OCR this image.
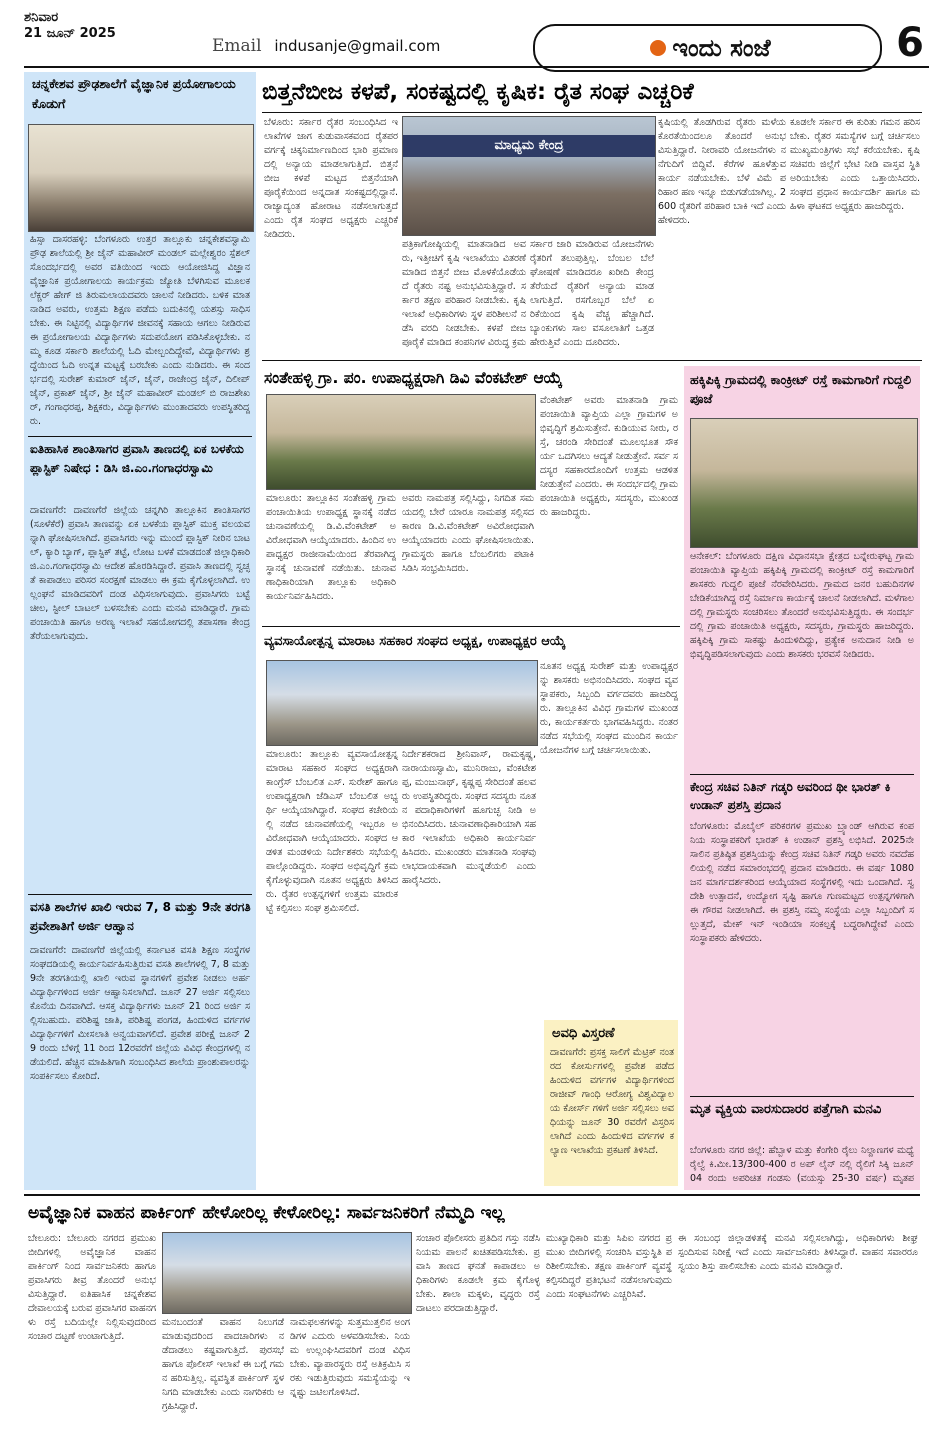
ಶನಿವಾರ
21 ಜೂನ್ 2025
Email indusanje@gmail.com	ಇಂದು ಸಂಜೆ	6
ಚನ್ನಕೇಶವ ಪ್ರೌಢಶಾಲೆಗೆ ವೈಜ್ಞಾನಿಕ ಪ್ರಯೋಗಾಲಯ ಕೊಡುಗೆ
ಹಿಸ್ಸಾ ದಾಸರಹಳ್ಳಿ: ಬೆಂಗಳೂರು ಉತ್ತರ ತಾಲ್ಲೂಕು ಚನ್ನಕೇಶವಸ್ವಾಮಿ ಪ್ರೌಢ ಶಾಲೆಯಲ್ಲಿ ಶ್ರೀ ಜೈನ್ ಮಹಾವೀರ್ ಮಂಡಲ್ ಮಲ್ಲೇಶ್ವರಂ ಸ್ಪೆಶಲ್ ಸೊಂದರ್ಭದಲ್ಲಿ ಅವರ ವತಿಯಿಂದ ಇಂದು ಆಯೋಜಿಸಿದ್ದ ವಿಜ್ಞಾನ ವೈಜ್ಞಾನಿಕ ಪ್ರಯೋಗಾಲಯ ಕಾರ್ಯಕ್ರಮ ಜ್ಯೋತಿ ಬೆಳಗಿಸುವ ಮೂಲಕ ಲೆಕ್ಚರ್ ಹೇಗ್ ಜಿ ತಿರುಮಲಾಯದವರು ಚಾಲನೆ ನೀಡಿದರು. ಬಳಿಕ ಮಾತನಾಡಿದ ಅವರು, ಉತ್ತಮ ಶಿಕ್ಷಣ ಪಡೆದು ಬದುಕಿನಲ್ಲಿ ಯಶಸ್ಸು ಸಾಧಿಸಬೇಕು. ಈ ನಿಟ್ಟಿನಲ್ಲಿ ವಿದ್ಯಾರ್ಥಿಗಳ ಜೀವನಕ್ಕೆ ಸಹಾಯ ಆಗಲು ನೀಡಿರುವ ಈ ಪ್ರಯೋಗಾಲಯ ವಿದ್ಯಾರ್ಥಿಗಳು ಸದುಪಯೋಗ ಪಡಿಸಿಕೊಳ್ಳಬೇಕು. ನಮ್ಮ ಕೂಡ ಸರ್ಕಾರಿ ಶಾಲೆಯಲ್ಲಿ ಓದಿ ಮೇಲ್ಬಂದಿದ್ದೇವೆ, ವಿದ್ಯಾರ್ಥಿಗಳು ಶ್ರದ್ಧೆಯಿಂದ ಓದಿ ಉನ್ನತ ಮಟ್ಟಕ್ಕೆ ಬರಬೇಕು ಎಂದು ನುಡಿದರು. ಈ ಸಂದರ್ಭದಲ್ಲಿ ಸುರೇಶ್ ಕುಮಾರ್ ಜೈನ್, ಜೈನ್, ರಾಜೇಂದ್ರ ಜೈನ್, ದಿಲೀಪ್ ಜೈನ್, ಪ್ರಕಾಶ್ ಜೈನ್, ಶ್ರೀ ಜೈನ್ ಮಹಾವೀರ್ ಮಂಡಲ್ ಬಿ ರಾಜಶೇಖರ್, ಗಂಗಾಧರಪ್ಪ, ಶಿಕ್ಷಕರು, ವಿದ್ಯಾರ್ಥಿಗಳು ಮುಂತಾದವರು ಉಪಸ್ಥಿತರಿದ್ದರು.
ಐತಿಹಾಸಿಕ ಶಾಂತಿಸಾಗರ ಪ್ರವಾಸಿ ತಾಣದಲ್ಲಿ ಏಕ ಬಳಕೆಯ ಪ್ಲಾಸ್ಟಿಕ್ ನಿಷೇಧ : ಡಿಸಿ ಜಿ.ಎಂ.ಗಂಗಾಧರಸ್ವಾಮಿ
ದಾವಣಗೆರೆ: ದಾವಣಗೆರೆ ಜಿಲ್ಲೆಯ ಚನ್ನಗಿರಿ ತಾಲ್ಲೂಕಿನ ಶಾಂತಿಸಾಗರ (ಸೂಳೆಕೆರೆ) ಪ್ರವಾಸಿ ತಾಣವನ್ನು ಏಕ ಬಳಕೆಯ ಪ್ಲಾಸ್ಟಿಕ್ ಮುಕ್ತ ವಲಯವನ್ನಾಗಿ ಘೋಷಿಸಲಾಗಿದೆ. ಪ್ರವಾಸಿಗರು ಇನ್ನು ಮುಂದೆ ಪ್ಲಾಸ್ಟಿಕ್ ನೀರಿನ ಬಾಟಲ್, ಕ್ಯಾರಿ ಬ್ಯಾಗ್, ಪ್ಲಾಸ್ಟಿಕ್ ತಟ್ಟೆ, ಲೋಟ ಬಳಕೆ ಮಾಡದಂತೆ ಜಿಲ್ಲಾಧಿಕಾರಿ ಜಿ.ಎಂ.ಗಂಗಾಧರಸ್ವಾಮಿ ಆದೇಶ ಹೊರಡಿಸಿದ್ದಾರೆ. ಪ್ರವಾಸಿ ತಾಣದಲ್ಲಿ ಸ್ವಚ್ಛತೆ ಕಾಪಾಡಲು ಪರಿಸರ ಸಂರಕ್ಷಣೆ ಮಾಡಲು ಈ ಕ್ರಮ ಕೈಗೊಳ್ಳಲಾಗಿದೆ. ಉಲ್ಲಂಘನೆ ಮಾಡಿದವರಿಗೆ ದಂಡ ವಿಧಿಸಲಾಗುವುದು. ಪ್ರವಾಸಿಗರು ಬಟ್ಟೆ ಚೀಲ, ಸ್ಟೀಲ್ ಬಾಟಲ್ ಬಳಸಬೇಕು ಎಂದು ಮನವಿ ಮಾಡಿದ್ದಾರೆ. ಗ್ರಾಮ ಪಂಚಾಯಿತಿ ಹಾಗೂ ಅರಣ್ಯ ಇಲಾಖೆ ಸಹಯೋಗದಲ್ಲಿ ತಪಾಸಣಾ ಕೇಂದ್ರ ತೆರೆಯಲಾಗುವುದು.
ವಸತಿ ಶಾಲೆಗಳ ಖಾಲಿ ಇರುವ 7, 8 ಮತ್ತು 9ನೇ ತರಗತಿ ಪ್ರವೇಶಾತಿಗೆ ಅರ್ಜಿ ಆಹ್ವಾನ
ದಾವಣಗೆರೆ: ದಾವಣಗೆರೆ ಜಿಲ್ಲೆಯಲ್ಲಿ ಕರ್ನಾಟಕ ವಸತಿ ಶಿಕ್ಷಣ ಸಂಸ್ಥೆಗಳ ಸಂಘದಡಿಯಲ್ಲಿ ಕಾರ್ಯನಿರ್ವಹಿಸುತ್ತಿರುವ ವಸತಿ ಶಾಲೆಗಳಲ್ಲಿ 7, 8 ಮತ್ತು 9ನೇ ತರಗತಿಯಲ್ಲಿ ಖಾಲಿ ಇರುವ ಸ್ಥಾನಗಳಿಗೆ ಪ್ರವೇಶ ನೀಡಲು ಅರ್ಹ ವಿದ್ಯಾರ್ಥಿಗಳಿಂದ ಅರ್ಜಿ ಆಹ್ವಾನಿಸಲಾಗಿದೆ. ಜೂನ್ 27 ಅರ್ಜಿ ಸಲ್ಲಿಸಲು ಕೊನೆಯ ದಿನವಾಗಿದೆ. ಆಸಕ್ತ ವಿದ್ಯಾರ್ಥಿಗಳು ಜೂನ್ 21 ರಿಂದ ಅರ್ಜಿ ಸಲ್ಲಿಸಬಹುದು. ಪರಿಶಿಷ್ಟ ಜಾತಿ, ಪರಿಶಿಷ್ಟ ಪಂಗಡ, ಹಿಂದುಳಿದ ವರ್ಗಗಳ ವಿದ್ಯಾರ್ಥಿಗಳಿಗೆ ಮೀಸಲಾತಿ ಅನ್ವಯವಾಗಲಿದೆ. ಪ್ರವೇಶ ಪರೀಕ್ಷೆ ಜೂನ್ 29 ರಂದು ಬೆಳಿಗ್ಗೆ 11 ರಿಂದ 12ರವರೆಗೆ ಜಿಲ್ಲೆಯ ವಿವಿಧ ಕೇಂದ್ರಗಳಲ್ಲಿ ನಡೆಯಲಿದೆ. ಹೆಚ್ಚಿನ ಮಾಹಿತಿಗಾಗಿ ಸಂಬಂಧಿಸಿದ ಶಾಲೆಯ ಪ್ರಾಂಶುಪಾಲರನ್ನು ಸಂಪರ್ಕಿಸಲು ಕೋರಿದೆ.
ಬಿತ್ತನೆಬೀಜ ಕಳಪೆ, ಸಂಕಷ್ಟದಲ್ಲಿ ಕೃಷಿಕ: ರೈತ ಸಂಘ ಎಚ್ಚರಿಕೆ
ಬೆಳೂರು: ಸರ್ಕಾರ ರೈತರ ಸಂಬಂಧಿಸಿದ ಇಲಾಖೆಗಳ ಜಾಗ ಕುಡುವಾಸಕವಂದ ರೈತಪರ ವರ್ಗಕ್ಕೆ ಚಿಕ್ಕನಿರ್ಮಾಣದಿಂದ ಭಾರಿ ಪ್ರಮಾಣದಲ್ಲಿ ಅನ್ಯಾಯ ಮಾಡಲಾಗುತ್ತಿದೆ. ಬಿತ್ತನೆ ಬೀಜ ಕಳಪೆ ಮಟ್ಟದ ಬಿತ್ತನೆಯಾಗಿ ಪೂರೈಕೆಯಿಂದ ಅನ್ನದಾತ ಸಂಕಷ್ಟದಲ್ಲಿದ್ದಾನೆ. ರಾಜ್ಯಾದ್ಯಂತ ಹೋರಾಟ ನಡೆಸಲಾಗುತ್ತದೆ ಎಂದು ರೈತ ಸಂಘದ ಅಧ್ಯಕ್ಷರು ಎಚ್ಚರಿಕೆ ನೀಡಿದರು.
ಮಾಧ್ಯಮ ಕೇಂದ್ರ
ಕೃಷಿಯಲ್ಲಿ ತೊಡಗಿರುವ ರೈತರು ಮಳೆಯ ಕೊರತೆಯಿಂದಲೂ ತೊಂದರೆ ಅನುಭವಿಸುತ್ತಿದ್ದಾರೆ. ನೀರಾವರಿ ಯೋಜನೆಗಳು ನನೆಗುದಿಗೆ ಬಿದ್ದಿವೆ. ಕೆರೆಗಳ ಹೂಳೆತ್ತುವ ಕಾರ್ಯ ನಡೆಯಬೇಕು. ಬೆಳೆ ವಿಮೆ ಪರಿಹಾರ ಹಣ ಇನ್ನೂ ಬಿಡುಗಡೆಯಾಗಿಲ್ಲ. 2600 ರೈತರಿಗೆ ಪರಿಹಾರ ಬಾಕಿ ಇದೆ ಎಂದು ಹೇಳಿದರು.
ಕೂಡಲೇ ಸರ್ಕಾರ ಈ ಕುರಿತು ಗಮನ ಹರಿಸಬೇಕು. ರೈತರ ಸಮಸ್ಯೆಗಳ ಬಗ್ಗೆ ಚರ್ಚಿಸಲು ಮುಖ್ಯಮಂತ್ರಿಗಳು ಸಭೆ ಕರೆಯಬೇಕು. ಕೃಷಿ ಸಚಿವರು ಜಿಲ್ಲೆಗೆ ಭೇಟಿ ನೀಡಿ ವಾಸ್ತವ ಸ್ಥಿತಿ ಅರಿಯಬೇಕು ಎಂದು ಒತ್ತಾಯಿಸಿದರು. ಸಂಘದ ಪ್ರಧಾನ ಕಾರ್ಯದರ್ಶಿ ಹಾಗೂ ಮಹಿಳಾ ಘಟಕದ ಅಧ್ಯಕ್ಷರು ಹಾಜರಿದ್ದರು.
ಪತ್ರಿಕಾಗೋಷ್ಠಿಯಲ್ಲಿ ಮಾತನಾಡಿದ ಅವರು, ಇತ್ತೀಚಿಗೆ ಕೃಷಿ ಇಲಾಖೆಯು ವಿತರಣೆ ಮಾಡಿದ ಬಿತ್ತನೆ ಬೀಜ ಮೊಳಕೆಯೊಡೆಯದೆ ರೈತರು ನಷ್ಟ ಅನುಭವಿಸುತ್ತಿದ್ದಾರೆ. ಸರ್ಕಾರ ತಕ್ಷಣ ಪರಿಹಾರ ನೀಡಬೇಕು. ಕೃಷಿ ಇಲಾಖೆ ಅಧಿಕಾರಿಗಳು ಸ್ಥಳ ಪರಿಶೀಲನೆ ನಡೆಸಿ ವರದಿ ನೀಡಬೇಕು. ಕಳಪೆ ಬೀಜ ಪೂರೈಕೆ ಮಾಡಿದ ಕಂಪನಿಗಳ ವಿರುದ್ಧ ಕ್ರಮ
ಸರ್ಕಾರ ಜಾರಿ ಮಾಡಿರುವ ಯೋಜನೆಗಳು ರೈತರಿಗೆ ತಲುಪುತ್ತಿಲ್ಲ. ಬೆಂಬಲ ಬೆಲೆ ಘೋಷಣೆ ಮಾಡಿದರೂ ಖರೀದಿ ಕೇಂದ್ರ ತೆರೆಯದೆ ರೈತರಿಗೆ ಅನ್ಯಾಯ ಮಾಡಲಾಗುತ್ತಿದೆ. ರಸಗೊಬ್ಬರ ಬೆಲೆ ಏರಿಕೆಯಿಂದ ಕೃಷಿ ವೆಚ್ಚ ಹೆಚ್ಚಾಗಿದೆ. ಬ್ಯಾಂಕುಗಳು ಸಾಲ ವಸೂಲಾತಿಗೆ ಒತ್ತಡ ಹೇರುತ್ತಿವೆ ಎಂದು ದೂರಿದರು.
ಸಂತೇಹಳ್ಳಿ ಗ್ರಾ. ಪಂ. ಉಪಾಧ್ಯಕ್ಷರಾಗಿ ಡಿವಿ ವೆಂಕಟೇಶ್ ಆಯ್ಕೆ
ಮಾಲೂರು: ತಾಲ್ಲೂಕಿನ ಸಂತೇಹಳ್ಳಿ ಗ್ರಾಮ ಪಂಚಾಯಿತಿಯ ಉಪಾಧ್ಯಕ್ಷ ಸ್ಥಾನಕ್ಕೆ ನಡೆದ ಚುನಾವಣೆಯಲ್ಲಿ ಡಿ.ವಿ.ವೆಂಕಟೇಶ್ ಅವಿರೋಧವಾಗಿ ಆಯ್ಕೆಯಾದರು. ಹಿಂದಿನ ಉಪಾಧ್ಯಕ್ಷರ ರಾಜೀನಾಮೆಯಿಂದ ತೆರವಾಗಿದ್ದ ಸ್ಥಾನಕ್ಕೆ ಚುನಾವಣೆ ನಡೆಯಿತು. ಚುನಾವಣಾಧಿಕಾರಿಯಾಗಿ ತಾಲ್ಲೂಕು ಅಧಿಕಾರಿ ಕಾರ್ಯನಿರ್ವಹಿಸಿದರು.
ಅವರು ನಾಮಪತ್ರ ಸಲ್ಲಿಸಿದ್ದು, ನಿಗದಿತ ಸಮಯದಲ್ಲಿ ಬೇರೆ ಯಾರೂ ನಾಮಪತ್ರ ಸಲ್ಲಿಸದ ಕಾರಣ ಡಿ.ವಿ.ವೆಂಕಟೇಶ್ ಅವಿರೋಧವಾಗಿ ಆಯ್ಕೆಯಾದರು ಎಂದು ಘೋಷಿಸಲಾಯಿತು. ಗ್ರಾಮಸ್ಥರು ಹಾಗೂ ಬೆಂಬಲಿಗರು ಪಟಾಕಿ ಸಿಡಿಸಿ ಸಂಭ್ರಮಿಸಿದರು.
ವೆಂಕಟೇಶ್ ಅವರು ಮಾತನಾಡಿ ಗ್ರಾಮ ಪಂಚಾಯಿತಿ ವ್ಯಾಪ್ತಿಯ ಎಲ್ಲಾ ಗ್ರಾಮಗಳ ಅಭಿವೃದ್ಧಿಗೆ ಶ್ರಮಿಸುತ್ತೇನೆ. ಕುಡಿಯುವ ನೀರು, ರಸ್ತೆ, ಚರಂಡಿ ಸೇರಿದಂತೆ ಮೂಲಭೂತ ಸೌಕರ್ಯ ಒದಗಿಸಲು ಆದ್ಯತೆ ನೀಡುತ್ತೇನೆ. ಸರ್ವ ಸದಸ್ಯರ ಸಹಕಾರದೊಂದಿಗೆ ಉತ್ತಮ ಆಡಳಿತ ನೀಡುತ್ತೇನೆ ಎಂದರು. ಈ ಸಂದರ್ಭದಲ್ಲಿ ಗ್ರಾಮ ಪಂಚಾಯಿತಿ ಅಧ್ಯಕ್ಷರು, ಸದಸ್ಯರು, ಮುಖಂಡರು ಹಾಜರಿದ್ದರು.
ವ್ಯವಸಾಯೋತ್ಪನ್ನ ಮಾರಾಟ ಸಹಕಾರ ಸಂಘದ ಅಧ್ಯಕ್ಷ, ಉಪಾಧ್ಯಕ್ಷರ ಆಯ್ಕೆ
ಮಾಲೂರು: ತಾಲ್ಲೂಕು ವ್ಯವಸಾಯೋತ್ಪನ್ನ ಮಾರಾಟ ಸಹಕಾರ ಸಂಘದ ಅಧ್ಯಕ್ಷರಾಗಿ ಕಾಂಗ್ರೆಸ್ ಬೆಂಬಲಿತ ಎಸ್. ಸುರೇಶ್ ಹಾಗೂ ಉಪಾಧ್ಯಕ್ಷರಾಗಿ ಜೆಡಿಎಸ್ ಬೆಂಬಲಿತ ಅಭ್ಯರ್ಥಿ ಆಯ್ಕೆಯಾಗಿದ್ದಾರೆ. ಸಂಘದ ಕಚೇರಿಯಲ್ಲಿ ನಡೆದ ಚುನಾವಣೆಯಲ್ಲಿ ಇಬ್ಬರೂ ಅವಿರೋಧವಾಗಿ ಆಯ್ಕೆಯಾದರು. ಸಂಘದ ಆಡಳಿತ ಮಂಡಳಿಯ ನಿರ್ದೇಶಕರು ಸಭೆಯಲ್ಲಿ ಪಾಲ್ಗೊಂಡಿದ್ದರು. ಸಂಘದ ಅಭಿವೃದ್ಧಿಗೆ ಕ್ರಮ ಕೈಗೊಳ್ಳುವುದಾಗಿ ನೂತನ ಅಧ್ಯಕ್ಷರು ತಿಳಿಸಿದರು. ರೈತರ ಉತ್ಪನ್ನಗಳಿಗೆ ಉತ್ತಮ ಮಾರುಕಟ್ಟೆ ಕಲ್ಪಿಸಲು ಸಂಘ ಶ್ರಮಿಸಲಿದೆ.
ನಿರ್ದೇಶಕರಾದ ಶ್ರೀನಿವಾಸ್, ರಾಮಕೃಷ್ಣ, ನಾರಾಯಣಸ್ವಾಮಿ, ಮುನಿರಾಜು, ವೆಂಕಟೇಶಪ್ಪ, ಮಂಜುನಾಥ್, ಕೃಷ್ಣಪ್ಪ ಸೇರಿದಂತೆ ಹಲವರು ಉಪಸ್ಥಿತರಿದ್ದರು. ಸಂಘದ ಸದಸ್ಯರು ನೂತನ ಪದಾಧಿಕಾರಿಗಳಿಗೆ ಹೂಗುಚ್ಛ ನೀಡಿ ಅಭಿನಂದಿಸಿದರು. ಚುನಾವಣಾಧಿಕಾರಿಯಾಗಿ ಸಹಕಾರ ಇಲಾಖೆಯ ಅಧಿಕಾರಿ ಕಾರ್ಯನಿರ್ವಹಿಸಿದರು. ಮುಖಂಡರು ಮಾತನಾಡಿ ಸಂಘವು ಲಾಭದಾಯಕವಾಗಿ ಮುನ್ನಡೆಯಲಿ ಎಂದು ಹಾರೈಸಿದರು.
ನೂತನ ಅಧ್ಯಕ್ಷ ಸುರೇಶ್ ಮತ್ತು ಉಪಾಧ್ಯಕ್ಷರನ್ನು ಶಾಸಕರು ಅಭಿನಂದಿಸಿದರು. ಸಂಘದ ವ್ಯವಸ್ಥಾಪಕರು, ಸಿಬ್ಬಂದಿ ವರ್ಗದವರು ಹಾಜರಿದ್ದರು. ತಾಲ್ಲೂಕಿನ ವಿವಿಧ ಗ್ರಾಮಗಳ ಮುಖಂಡರು, ಕಾರ್ಯಕರ್ತರು ಭಾಗವಹಿಸಿದ್ದರು. ನಂತರ ನಡೆದ ಸಭೆಯಲ್ಲಿ ಸಂಘದ ಮುಂದಿನ ಕಾರ್ಯಯೋಜನೆಗಳ ಬಗ್ಗೆ ಚರ್ಚಿಸಲಾಯಿತು.
ಅವಧಿ ವಿಸ್ತರಣೆ
ದಾವಣಗೆರೆ: ಪ್ರಸಕ್ತ ಸಾಲಿಗೆ ಮೆಟ್ರಿಕ್ ನಂತರದ ಕೋರ್ಸುಗಳಲ್ಲಿ ಪ್ರವೇಶ ಪಡೆದ ಹಿಂದುಳಿದ ವರ್ಗಗಳ ವಿದ್ಯಾರ್ಥಿಗಳಿಂದ ರಾಜೀವ್ ಗಾಂಧಿ ಆರೋಗ್ಯ ವಿಶ್ವವಿದ್ಯಾಲಯ ಕೋರ್ಸ್ ಗಳಿಗೆ ಅರ್ಜಿ ಸಲ್ಲಿಸಲು ಅವಧಿಯನ್ನು ಜೂನ್ 30 ರವರೆಗೆ ವಿಸ್ತರಿಸಲಾಗಿದೆ ಎಂದು ಹಿಂದುಳಿದ ವರ್ಗಗಳ ಕಲ್ಯಾಣ ಇಲಾಖೆಯ ಪ್ರಕಟಣೆ ತಿಳಿಸಿದೆ.
ಹಕ್ಕಿಪಿಕ್ಕಿ ಗ್ರಾಮದಲ್ಲಿ ಕಾಂಕ್ರೀಟ್ ರಸ್ತೆ ಕಾಮಗಾರಿಗೆ ಗುದ್ದಲಿ ಪೂಜೆ
ಆನೇಕಲ್: ಬೆಂಗಳೂರು ದಕ್ಷಿಣ ವಿಧಾನಸಭಾ ಕ್ಷೇತ್ರದ ಬನ್ನೇರುಘಟ್ಟ ಗ್ರಾಮ ಪಂಚಾಯಿತಿ ವ್ಯಾಪ್ತಿಯ ಹಕ್ಕಿಪಿಕ್ಕಿ ಗ್ರಾಮದಲ್ಲಿ ಕಾಂಕ್ರೀಟ್ ರಸ್ತೆ ಕಾಮಗಾರಿಗೆ ಶಾಸಕರು ಗುದ್ದಲಿ ಪೂಜೆ ನೆರವೇರಿಸಿದರು. ಗ್ರಾಮದ ಜನರ ಬಹುದಿನಗಳ ಬೇಡಿಕೆಯಾಗಿದ್ದ ರಸ್ತೆ ನಿರ್ಮಾಣ ಕಾರ್ಯಕ್ಕೆ ಚಾಲನೆ ನೀಡಲಾಗಿದೆ. ಮಳೆಗಾಲದಲ್ಲಿ ಗ್ರಾಮಸ್ಥರು ಸಂಚರಿಸಲು ತೊಂದರೆ ಅನುಭವಿಸುತ್ತಿದ್ದರು. ಈ ಸಂದರ್ಭದಲ್ಲಿ ಗ್ರಾಮ ಪಂಚಾಯಿತಿ ಅಧ್ಯಕ್ಷರು, ಸದಸ್ಯರು, ಗ್ರಾಮಸ್ಥರು ಹಾಜರಿದ್ದರು. ಹಕ್ಕಿಪಿಕ್ಕಿ ಗ್ರಾಮ ಸಾಕಷ್ಟು ಹಿಂದುಳಿದಿದ್ದು, ಪ್ರತ್ಯೇಕ ಅನುದಾನ ನೀಡಿ ಅಭಿವೃದ್ಧಿಪಡಿಸಲಾಗುವುದು ಎಂದು ಶಾಸಕರು ಭರವಸೆ ನೀಡಿದರು.
ಕೇಂದ್ರ ಸಚಿವ ನಿತಿನ್ ಗಡ್ಕರಿ ಅವರಿಂದ ಥೀ ಭಾರತ್ ಕಿ ಉಡಾನ್ ಪ್ರಶಸ್ತಿ ಪ್ರದಾನ
ಬೆಂಗಳೂರು: ಮೊಬೈಲ್ ಪರಿಕರಗಳ ಪ್ರಮುಖ ಬ್ರ್ಯಾಂಡ್ ಆಗಿರುವ ಕಂಪನಿಯ ಸಂಸ್ಥಾಪಕರಿಗೆ ಭಾರತ್ ಕಿ ಉಡಾನ್ ಪ್ರಶಸ್ತಿ ಲಭಿಸಿದೆ. 2025ನೇ ಸಾಲಿನ ಪ್ರತಿಷ್ಠಿತ ಪ್ರಶಸ್ತಿಯನ್ನು ಕೇಂದ್ರ ಸಚಿವ ನಿತಿನ್ ಗಡ್ಕರಿ ಅವರು ನವದೆಹಲಿಯಲ್ಲಿ ನಡೆದ ಸಮಾರಂಭದಲ್ಲಿ ಪ್ರದಾನ ಮಾಡಿದರು. ಈ ವರ್ಷ 1080 ಜನ ಮಾರ್ಗದರ್ಶಕರಿಂದ ಆಯ್ಕೆಯಾದ ಸಂಸ್ಥೆಗಳಲ್ಲಿ ಇದು ಒಂದಾಗಿದೆ. ಸ್ವದೇಶಿ ಉತ್ಪಾದನೆ, ಉದ್ಯೋಗ ಸೃಷ್ಟಿ ಹಾಗೂ ಗುಣಮಟ್ಟದ ಉತ್ಪನ್ನಗಳಿಗಾಗಿ ಈ ಗೌರವ ನೀಡಲಾಗಿದೆ. ಈ ಪ್ರಶಸ್ತಿ ನಮ್ಮ ಸಂಸ್ಥೆಯ ಎಲ್ಲಾ ಸಿಬ್ಬಂದಿಗೆ ಸಲ್ಲುತ್ತದೆ, ಮೇಕ್ ಇನ್ ಇಂಡಿಯಾ ಸಂಕಲ್ಪಕ್ಕೆ ಬದ್ಧರಾಗಿದ್ದೇವೆ ಎಂದು ಸಂಸ್ಥಾಪಕರು ಹೇಳಿದರು.
ಮೃತ ವ್ಯಕ್ತಿಯ ವಾರಸುದಾರರ ಪತ್ತೆಗಾಗಿ ಮನವಿ
ಬೆಂಗಳೂರು ನಗರ ಜಿಲ್ಲೆ: ಹೆಬ್ಬಾಳ ಮತ್ತು ಕೆಂಗೇರಿ ರೈಲು ನಿಲ್ದಾಣಗಳ ಮಧ್ಯೆ ರೈಲ್ವೆ ಕಿ.ಮೀ.13/300-400 ರ ಅಪ್ ಲೈನ್ ನಲ್ಲಿ ರೈಲಿಗೆ ಸಿಕ್ಕಿ ಜೂನ್ 04 ರಂದು ಅಪರಿಚಿತ ಗಂಡಸು (ವಯಸ್ಸು 25-30 ವರ್ಷ) ಮೃತಪ
ಅವೈಜ್ಞಾನಿಕ ವಾಹನ ಪಾರ್ಕಿಂಗ್ ಹೇಳೋರಿಲ್ಲ ಕೇಳೋರಿಲ್ಲ: ಸಾರ್ವಜನಿಕರಿಗೆ ನೆಮ್ಮದಿ ಇಲ್ಲ
ಬೇಲೂರು: ಬೇಲೂರು ನಗರದ ಪ್ರಮುಖ ಬೀದಿಗಳಲ್ಲಿ ಅವೈಜ್ಞಾನಿಕ ವಾಹನ ಪಾರ್ಕಿಂಗ್ ನಿಂದ ಸಾರ್ವಜನಿಕರು ಹಾಗೂ ಪ್ರವಾಸಿಗರು ತೀವ್ರ ತೊಂದರೆ ಅನುಭವಿಸುತ್ತಿದ್ದಾರೆ. ಐತಿಹಾಸಿಕ ಚನ್ನಕೇಶವ ದೇವಾಲಯಕ್ಕೆ ಬರುವ ಪ್ರವಾಸಿಗರ ವಾಹನಗಳು ರಸ್ತೆ ಬದಿಯಲ್ಲೇ ನಿಲ್ಲಿಸುವುದರಿಂದ ಸಂಚಾರ ದಟ್ಟಣೆ ಉಂಟಾಗುತ್ತಿದೆ.
ಮನಬಂದಂತೆ ವಾಹನ ನಿಲುಗಡೆ ಮಾಡುವುದರಿಂದ ಪಾದಚಾರಿಗಳು ನಡೆದಾಡಲು ಕಷ್ಟವಾಗುತ್ತಿದೆ. ಪುರಸಭೆ ಹಾಗೂ ಪೊಲೀಸ್ ಇಲಾಖೆ ಈ ಬಗ್ಗೆ ಗಮನ ಹರಿಸುತ್ತಿಲ್ಲ. ವ್ಯವಸ್ಥಿತ ಪಾರ್ಕಿಂಗ್ ಸ್ಥಳ ನಿಗದಿ ಮಾಡಬೇಕು ಎಂದು ನಾಗರಿಕರು ಆಗ್ರಹಿಸಿದ್ದಾರೆ.
ನಾಮಫಲಕಗಳನ್ನು ಸುತ್ತಮುತ್ತಲಿನ ಅಂಗಡಿಗಳ ಎದುರು ಅಳವಡಿಸಬೇಕು. ನಿಯಮ ಉಲ್ಲಂಘಿಸಿದವರಿಗೆ ದಂಡ ವಿಧಿಸಬೇಕು. ವ್ಯಾಪಾರಸ್ಥರು ರಸ್ತೆ ಅತಿಕ್ರಮಿಸಿ ಸರಕು ಇಡುತ್ತಿರುವುದು ಸಮಸ್ಯೆಯನ್ನು ಇನ್ನಷ್ಟು ಜಟಿಲಗೊಳಿಸಿದೆ.
ಸಂಚಾರ ಪೊಲೀಸರು ಪ್ರತಿದಿನ ಗಸ್ತು ನಡೆಸಿ ನಿಯಮ ಪಾಲನೆ ಖಚಿತಪಡಿಸಬೇಕು. ಪ್ರವಾಸಿ ತಾಣದ ಘನತೆ ಕಾಪಾಡಲು ಅಧಿಕಾರಿಗಳು ಕೂಡಲೇ ಕ್ರಮ ಕೈಗೊಳ್ಳಬೇಕು. ಶಾಲಾ ಮಕ್ಕಳು, ವೃದ್ಧರು ರಸ್ತೆ ದಾಟಲು ಪರದಾಡುತ್ತಿದ್ದಾರೆ.
ಮುಖ್ಯಾಧಿಕಾರಿ ಮತ್ತು ಸಿಪಿಐ ನಗರದ ಪ್ರಮುಖ ಬೀದಿಗಳಲ್ಲಿ ಸಂಚರಿಸಿ ವಸ್ತುಸ್ಥಿತಿ ಪರಿಶೀಲಿಸಬೇಕು. ತಕ್ಷಣ ಪಾರ್ಕಿಂಗ್ ವ್ಯವಸ್ಥೆ ಕಲ್ಪಿಸದಿದ್ದರೆ ಪ್ರತಿಭಟನೆ ನಡೆಸಲಾಗುವುದು ಎಂದು ಸಂಘಟನೆಗಳು ಎಚ್ಚರಿಸಿವೆ.
ಈ ಸಂಬಂಧ ಜಿಲ್ಲಾಡಳಿತಕ್ಕೆ ಮನವಿ ಸಲ್ಲಿಸಲಾಗಿದ್ದು, ಅಧಿಕಾರಿಗಳು ಶೀಘ್ರ ಸ್ಪಂದಿಸುವ ನಿರೀಕ್ಷೆ ಇದೆ ಎಂದು ಸಾರ್ವಜನಿಕರು ತಿಳಿಸಿದ್ದಾರೆ. ವಾಹನ ಸವಾರರೂ ಸ್ವಯಂ ಶಿಸ್ತು ಪಾಲಿಸಬೇಕು ಎಂದು ಮನವಿ ಮಾಡಿದ್ದಾರೆ.
